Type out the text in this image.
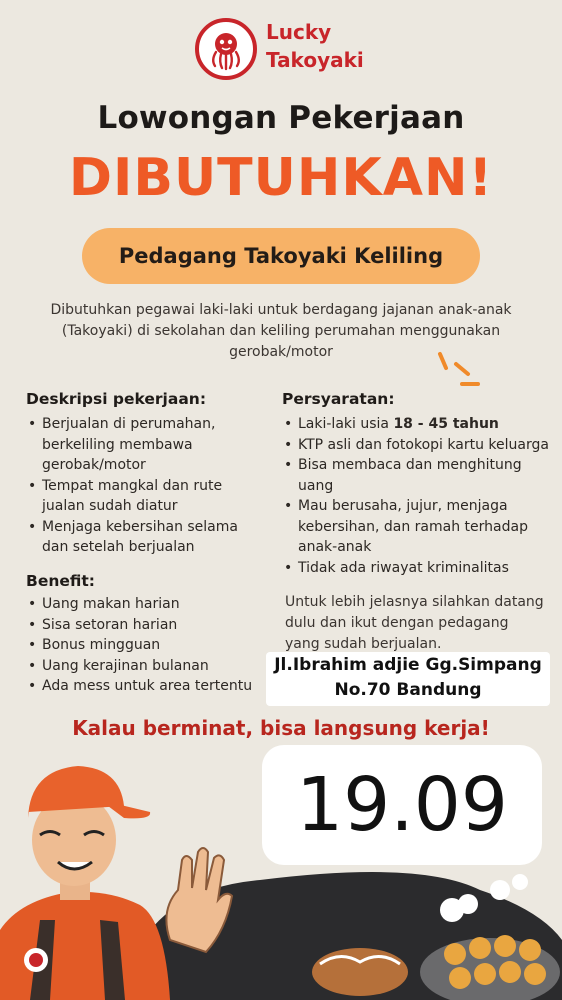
Lucky
Takoyaki
Lowongan Pekerjaan
DIBUTUHKAN!
Pedagang Takoyaki Keliling
Dibutuhkan pegawai laki-laki untuk berdagang jajanan anak-anak (Takoyaki) di sekolahan dan keliling perumahan menggunakan gerobak/motor
Deskripsi pekerjaan:
• Berjualan di perumahan, berkeliling membawa gerobak/motor
• Tempat mangkal dan rute jualan sudah diatur
• Menjaga kebersihan selama dan setelah berjualan
Benefit:
• Uang makan harian
• Sisa setoran harian
• Bonus mingguan
• Uang kerajinan bulanan
• Ada mess untuk area tertentu
Persyaratan:
• Laki-laki usia 18 - 45 tahun
• KTP asli dan fotokopi kartu keluarga
• Bisa membaca dan menghitung uang
• Mau berusaha, jujur, menjaga kebersihan, dan ramah terhadap anak-anak
• Tidak ada riwayat kriminalitas
Untuk lebih jelasnya silahkan datang dulu dan ikut dengan pedagang yang sudah berjualan.
Jl.Ibrahim adjie Gg.Simpang
No.70 Bandung
Kalau berminat, bisa langsung kerja!
19.09
